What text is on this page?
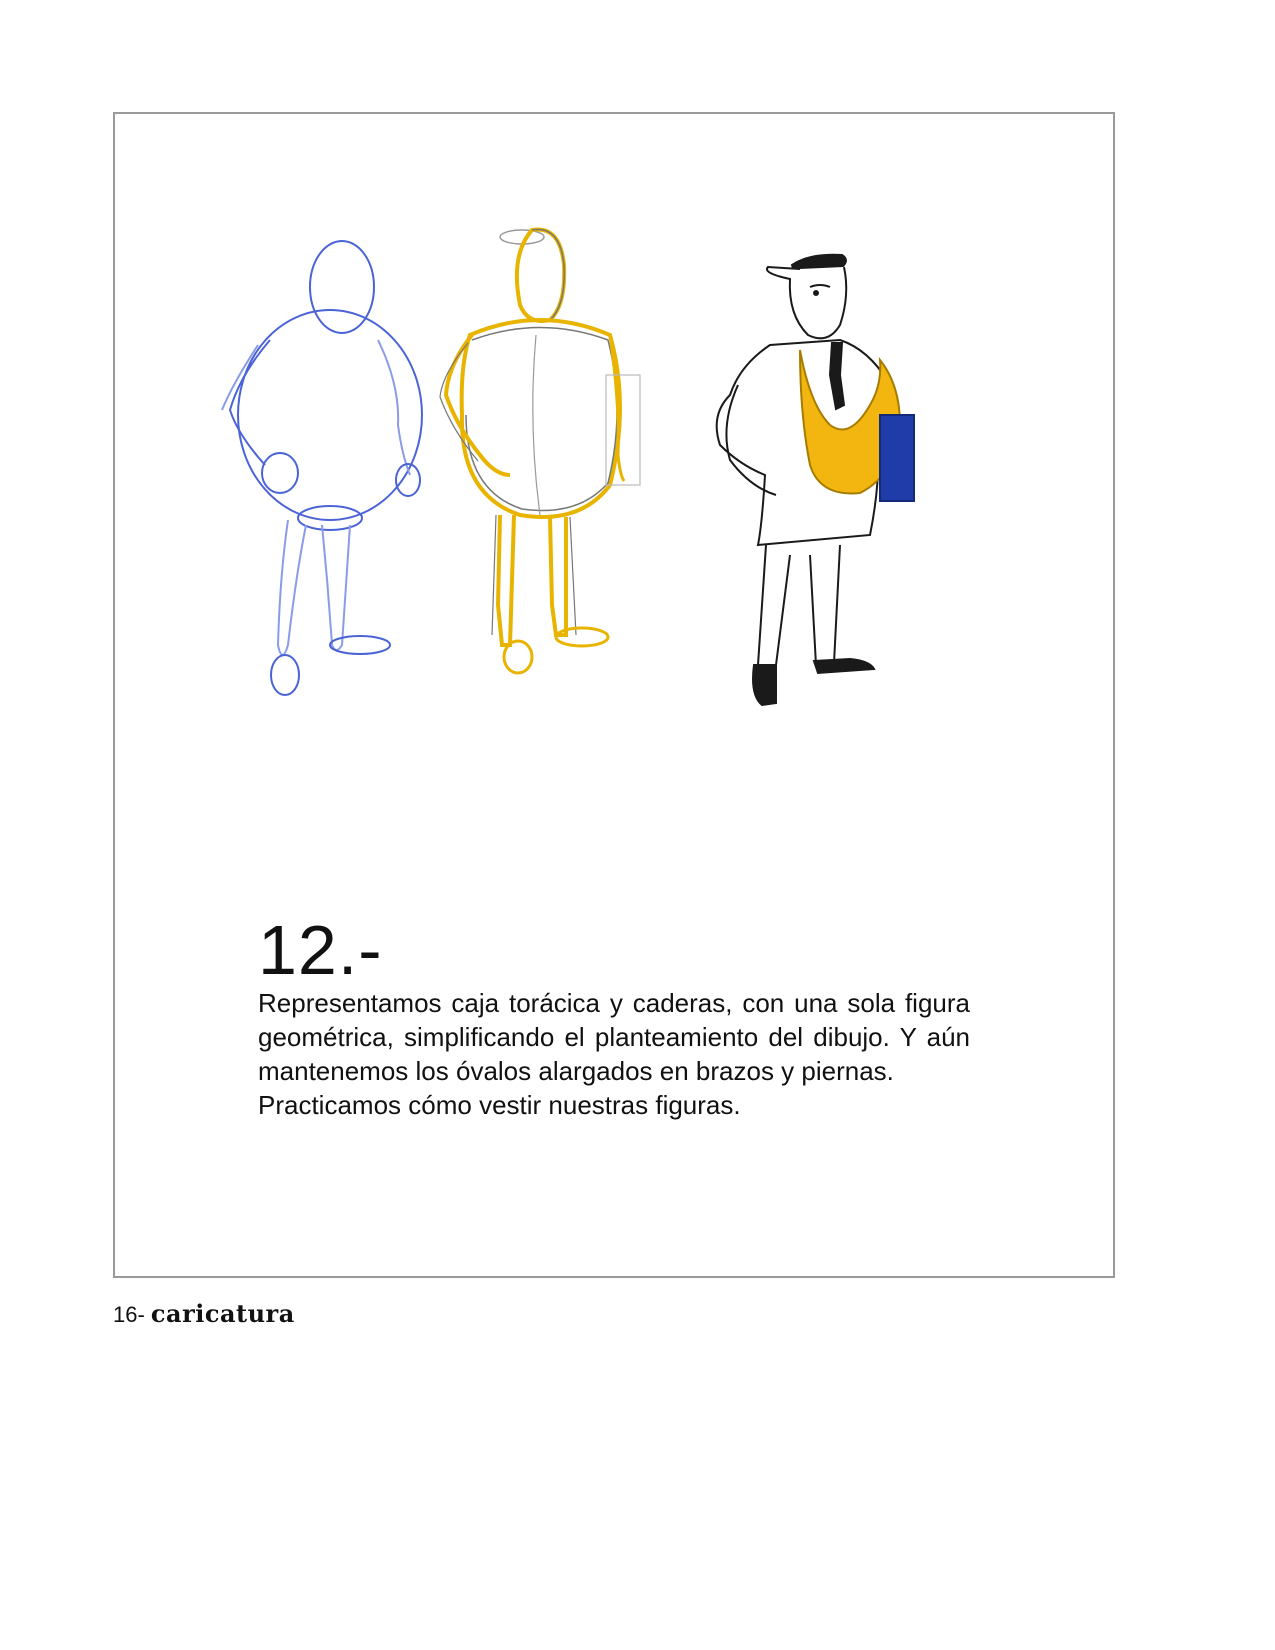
12.-

Representamos caja torácica y caderas, con una sola figura geométrica, simplificando el planteamiento del dibujo. Y aún mantenemos los óvalos alargados en brazos y piernas.

Practicamos cómo vestir nuestras figuras.

16- caricatura
